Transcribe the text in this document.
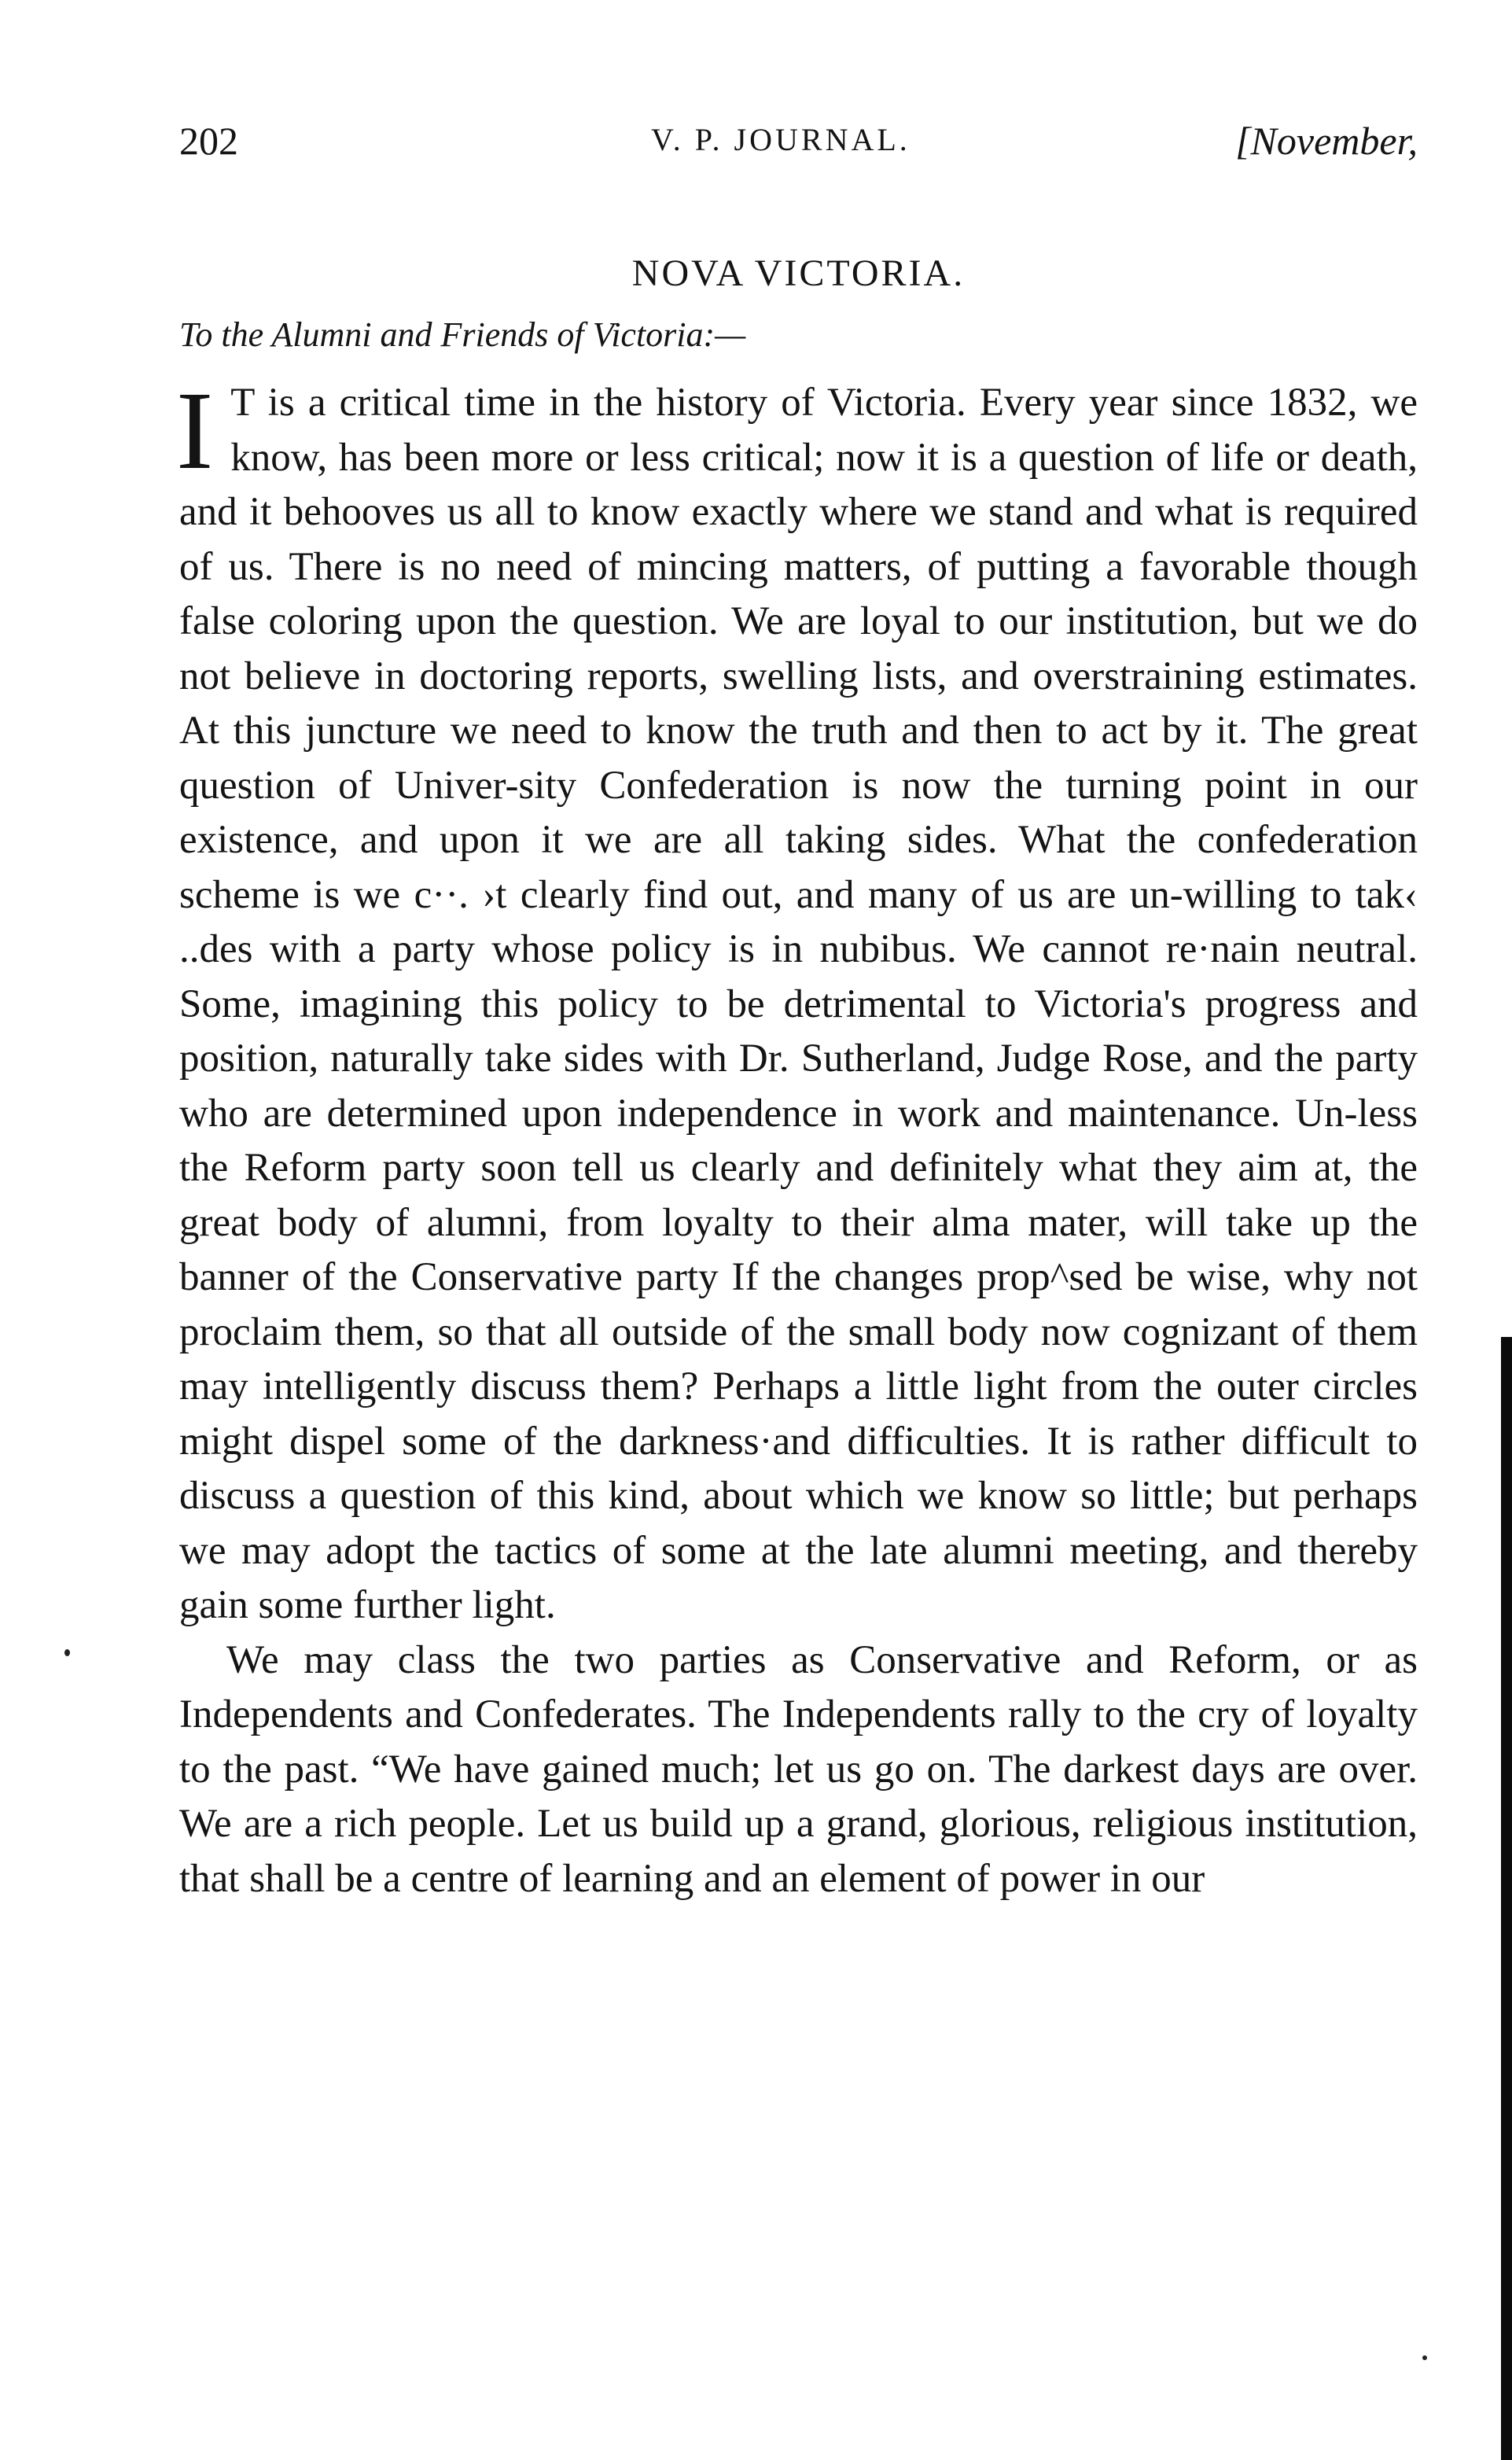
202	V. P. JOURNAL.	[November,
NOVA VICTORIA.
To the Alumni and Friends of Victoria:—

I T is a critical time in the history of Victoria. Every year since 1832, we know, has been more or less critical; now it is a question of life or death, and it behooves us all to know exactly where we stand and what is required of us. There is no need of mincing matters, of putting a favorable though false coloring upon the question. We are loyal to our institution, but we do not believe in doctoring reports, swelling lists, and overstraining estimates. At this juncture we need to know the truth and then to act by it. The great question of Univer-sity Confederation is now the turning point in our existence, and upon it we are all taking sides. What the confederation scheme is we c··. ›t clearly find out, and many of us are un-willing to tak‹ ..des with a party whose policy is in nubibus. We cannot re·nain neutral. Some, imagining this policy to be detrimental to Victoria's progress and position, naturally take sides with Dr. Sutherland, Judge Rose, and the party who are determined upon independence in work and maintenance. Un-less the Reform party soon tell us clearly and definitely what they aim at, the great body of alumni, from loyalty to their alma mater, will take up the banner of the Conservative party If the changes prop^sed be wise, why not proclaim them, so that all outside of the small body now cognizant of them may intelligently discuss them? Perhaps a little light from the outer circles might dispel some of the darkness·and difficulties. It is rather difficult to discuss a question of this kind, about which we know so little; but perhaps we may adopt the tactics of some at the late alumni meeting, and thereby gain some further light.

We may class the two parties as Conservative and Reform, or as Independents and Confederates. The Independents rally to the cry of loyalty to the past. “We have gained much; let us go on. The darkest days are over. We are a rich people. Let us build up a grand, glorious, religious institution, that shall be a centre of learning and an element of power in our
